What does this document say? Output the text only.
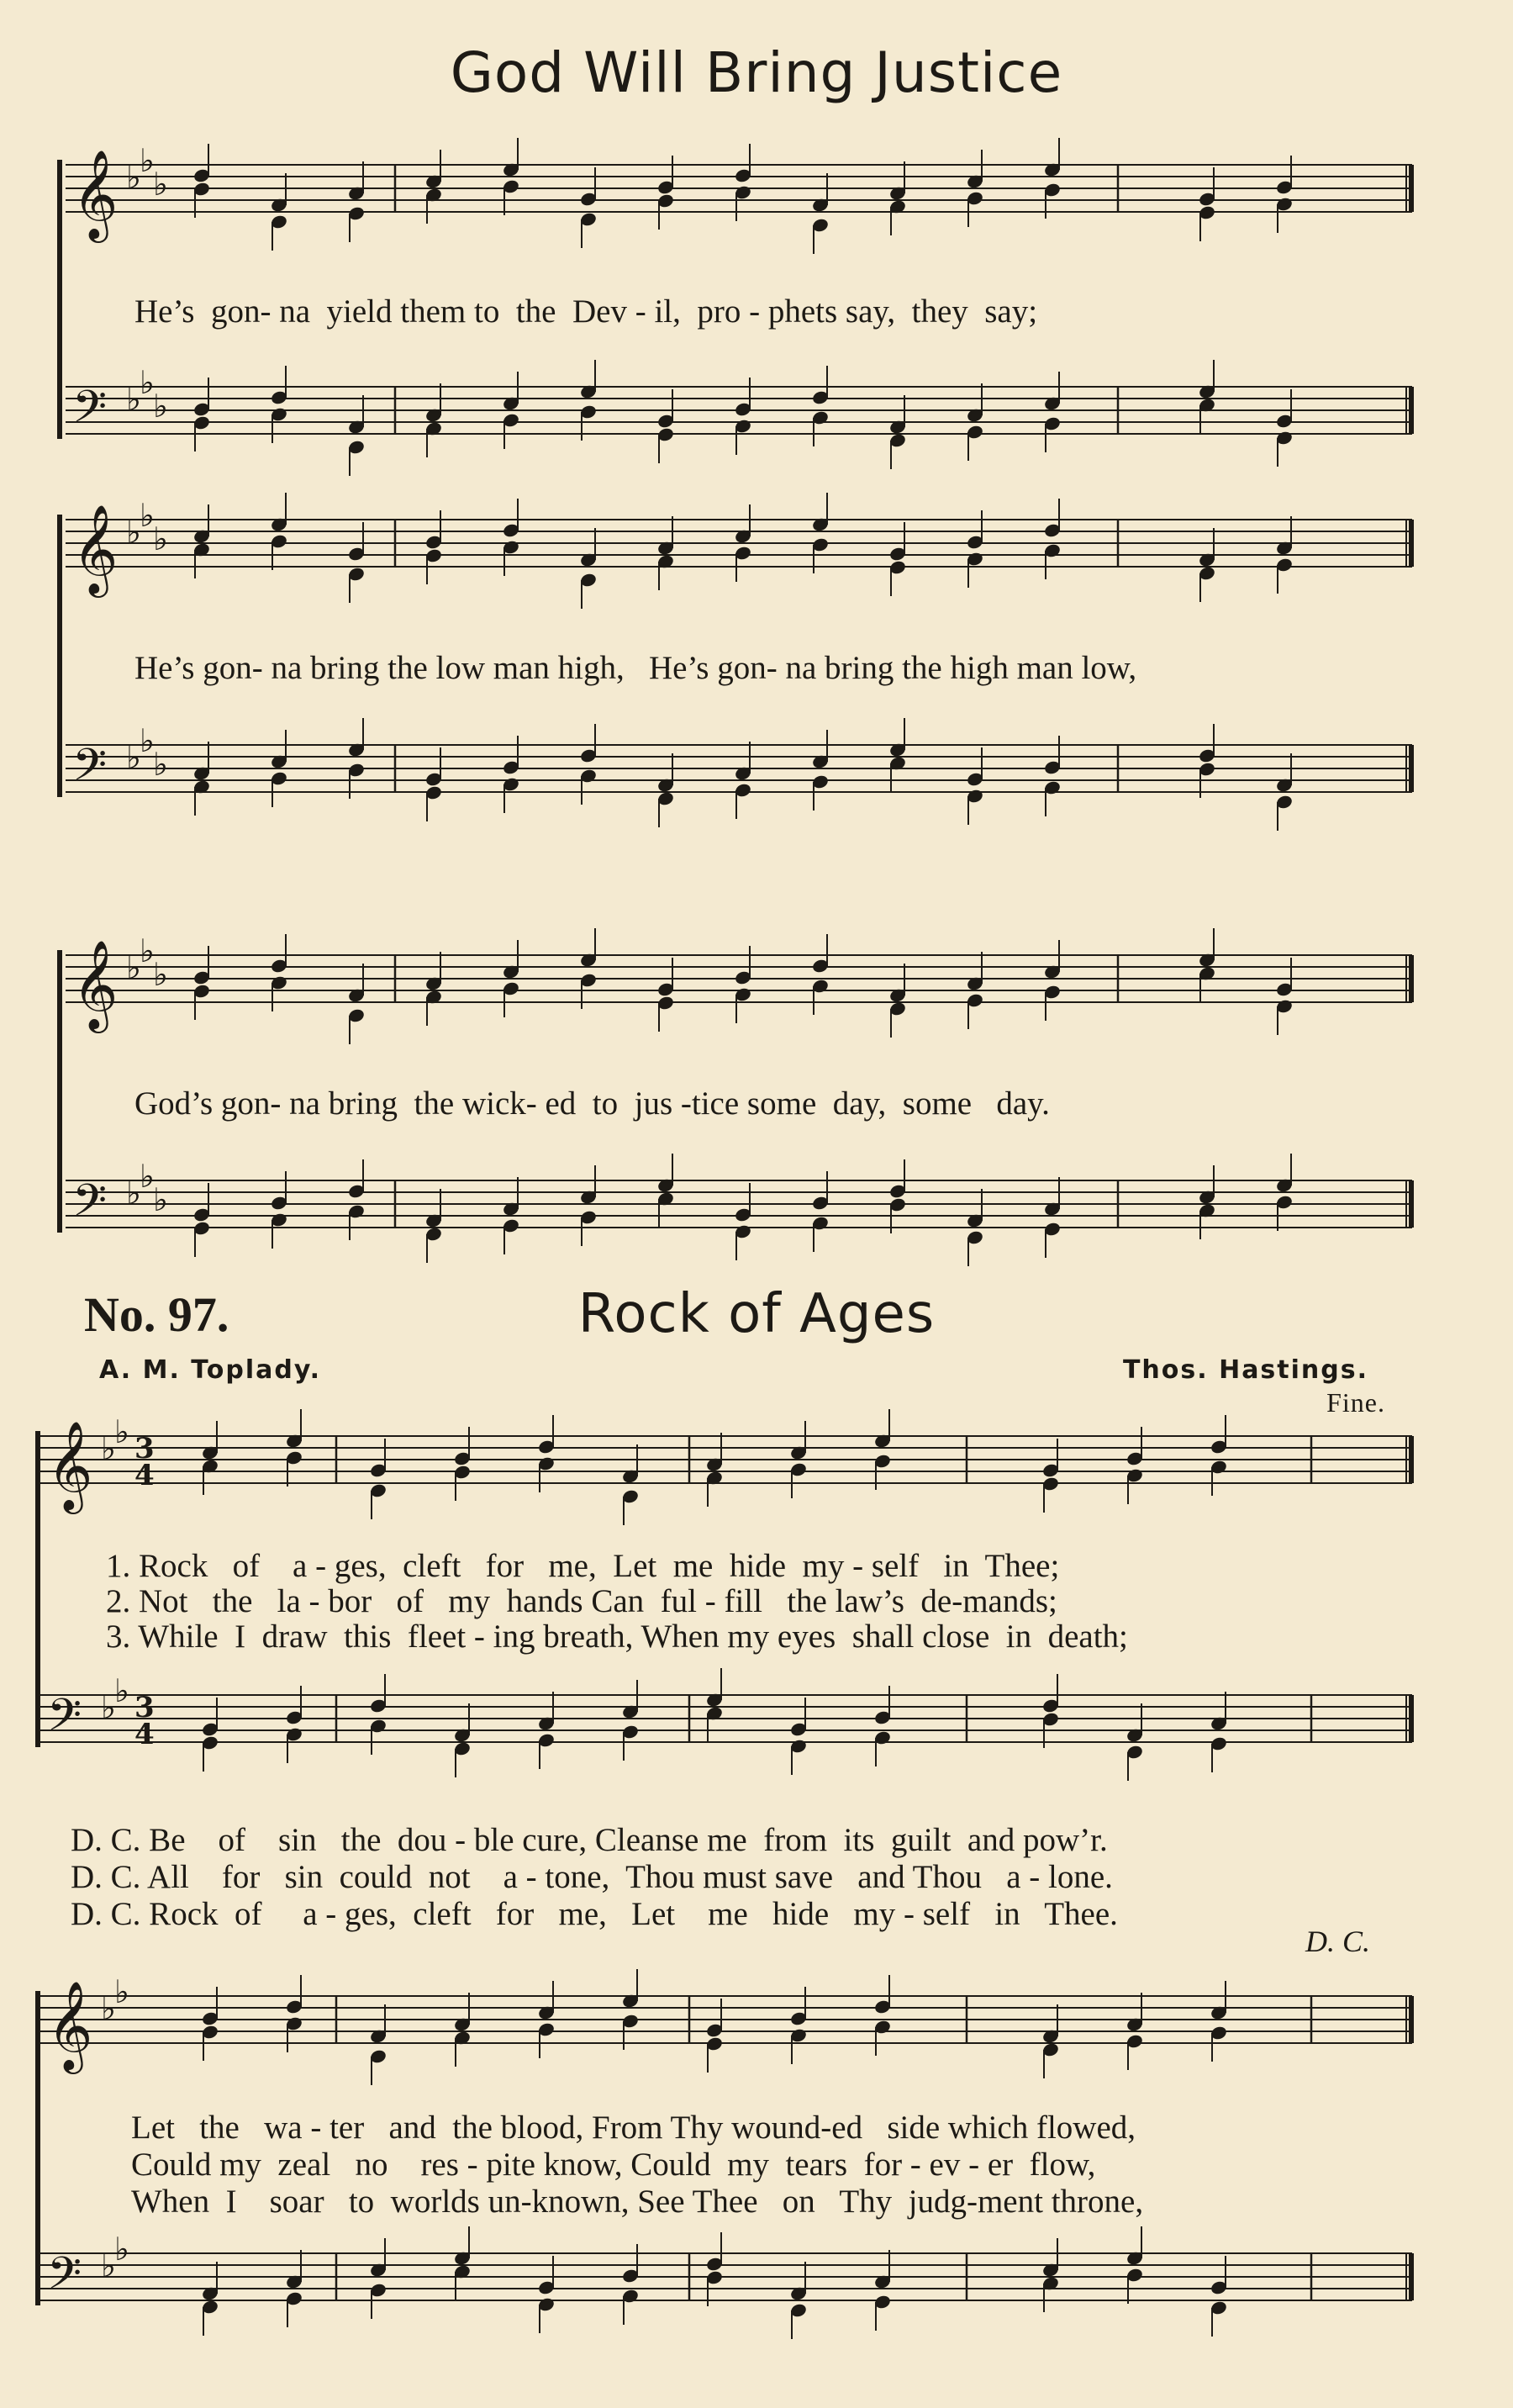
𝄞 ♭
♭
♭
𝄢 ♭
♭
♭
𝄞 ♭
♭
♭
𝄢 ♭
♭
♭
𝄞 ♭
♭
♭
𝄢 ♭
♭
♭
𝄞 ♭
♭ 3
4
𝄢 ♭
♭ 3
4
𝄞 ♭
♭
𝄢 ♭
♭
God Will Bring Justice
He’s  gon- na  yield them to  the  Dev - il,  pro - phets say,  they  say;
He’s gon- na bring the low man high,   He’s gon- na bring the high man low,
God’s gon- na bring  the wick- ed  to  jus -tice some  day,  some   day.
No. 97.	Rock of Ages
A. M. Toplady.	Thos. Hastings.
Fine.
1. Rock   of    a - ges,  cleft   for   me,  Let  me  hide  my - self   in  Thee;
2. Not   the   la - bor   of   my  hands Can  ful - fill   the law’s  de-mands;
3. While  I  draw  this  fleet - ing breath, When my eyes  shall close  in  death;
D. C. Be    of    sin   the  dou - ble cure, Cleanse me  from  its  guilt  and pow’r.
D. C. All    for   sin  could  not    a - tone,  Thou must save   and Thou   a - lone.
D. C. Rock  of     a - ges,  cleft   for   me,   Let    me   hide   my - self   in   Thee.
D. C.
Let   the   wa - ter   and  the blood, From Thy wound-ed   side which flowed,
Could my  zeal   no    res - pite know, Could  my  tears  for - ev - er  flow,
When  I    soar   to  worlds un-known, See Thee   on   Thy  judg-ment throne,
